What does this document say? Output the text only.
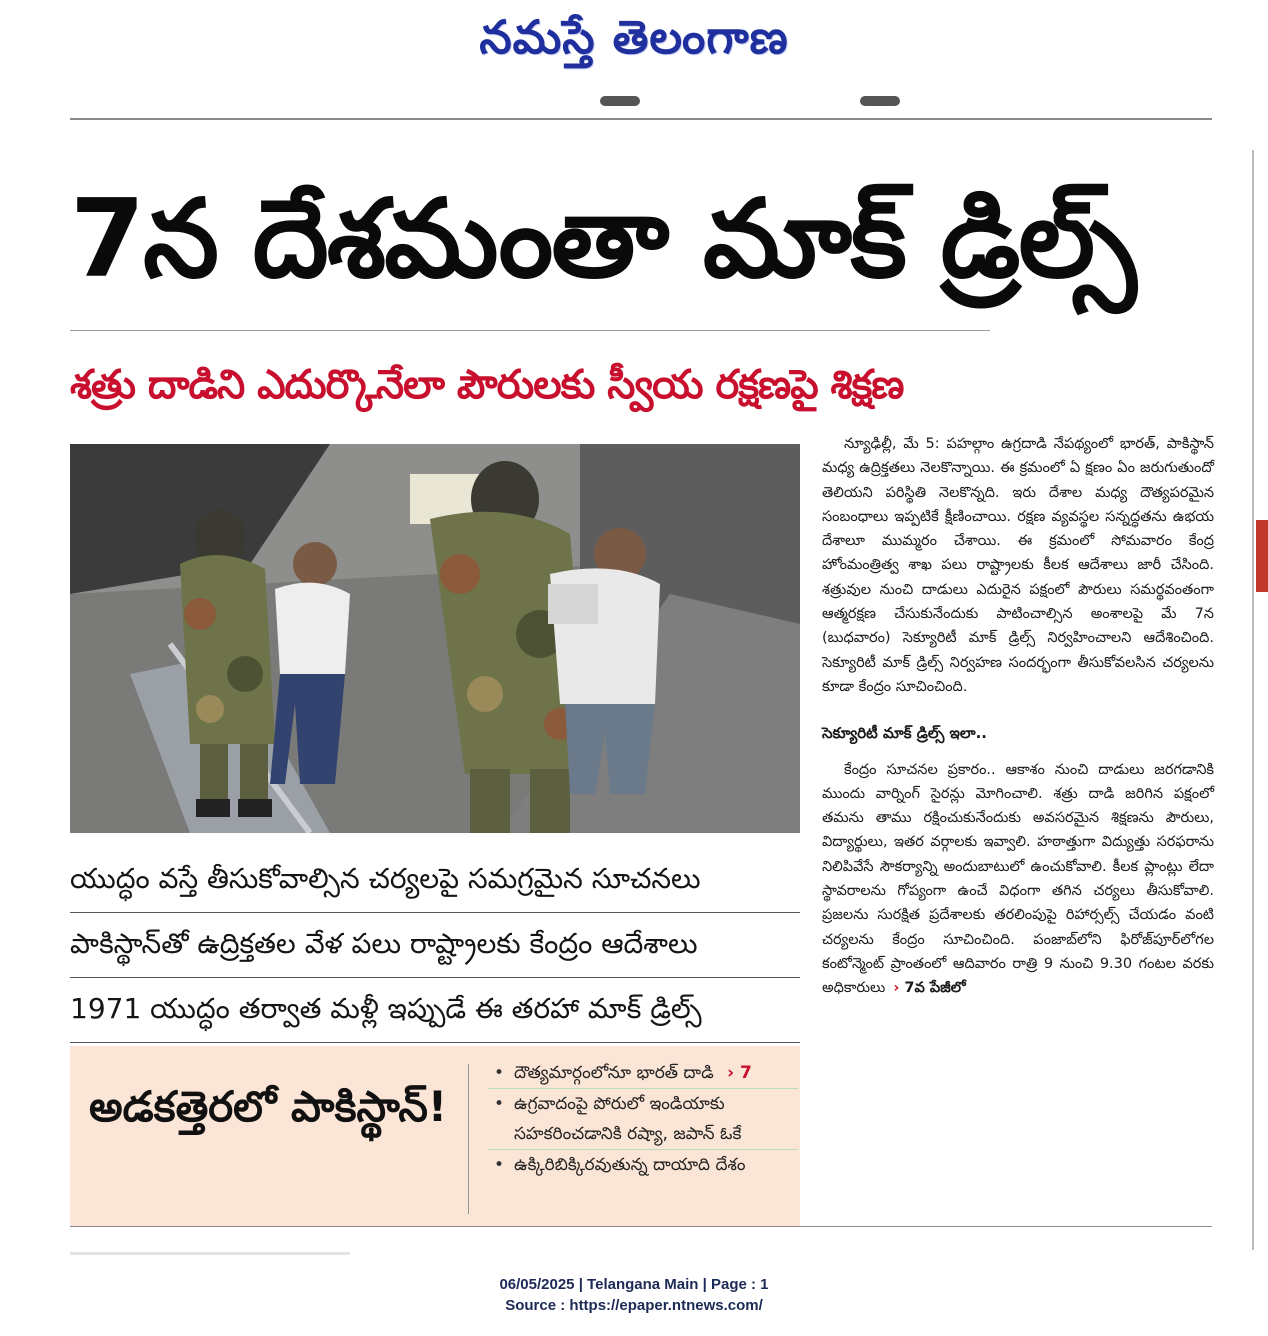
నమస్తే తెలంగాణ
7న దేశమంతా మాక్ డ్రిల్స్
శత్రు దాడిని ఎదుర్కొనేలా పౌరులకు స్వీయ రక్షణపై శిక్షణ
యుద్ధం వస్తే తీసుకోవాల్సిన చర్యలపై సమగ్రమైన సూచనలు
పాకిస్థాన్‌తో ఉద్రిక్తతల వేళ పలు రాష్ట్రాలకు కేంద్రం ఆదేశాలు
1971 యుద్ధం తర్వాత మళ్లీ ఇప్పుడే ఈ తరహా మాక్ డ్రిల్స్
అడకత్తెరలో పాకిస్థాన్!
• దౌత్యమార్గంలోనూ భారత్ దాడి › 7
• ఉగ్రవాదంపై పోరులో ఇండియాకు సహకరించడానికి రష్యా, జపాన్ ఓకే
• ఉక్కిరిబిక్కిరవుతున్న దాయాది దేశం

న్యూఢిల్లీ, మే 5: పహల్గాం ఉగ్రదాడి నేపథ్యంలో భారత్, పాకిస్థాన్ మధ్య ఉద్రిక్తతలు నెలకొన్నాయి. ఈ క్రమంలో ఏ క్షణం ఏం జరుగుతుందో తెలియని పరిస్థితి నెలకొన్నది. ఇరు దేశాల మధ్య దౌత్యపరమైన సంబంధాలు ఇప్పటికే క్షీణించాయి. రక్షణ వ్యవస్థల సన్నద్ధతను ఉభయ దేశాలూ ముమ్మరం చేశాయి. ఈ క్రమంలో సోమవారం కేంద్ర హోంమంత్రిత్వ శాఖ పలు రాష్ట్రాలకు కీలక ఆదేశాలు జారీ చేసింది. శత్రువుల నుంచి దాడులు ఎదురైన పక్షంలో పౌరులు సమర్థవంతంగా ఆత్మరక్షణ చేసుకునేందుకు పాటించాల్సిన అంశాలపై మే 7న (బుధవారం) సెక్యూరిటీ మాక్ డ్రిల్స్ నిర్వహించాలని ఆదేశించింది. సెక్యూరిటీ మాక్ డ్రిల్స్ నిర్వహణ సందర్భంగా తీసుకోవలసిన చర్యలను కూడా కేంద్రం సూచించింది.

సెక్యూరిటీ మాక్ డ్రిల్స్ ఇలా..

కేంద్రం సూచనల ప్రకారం.. ఆకాశం నుంచి దాడులు జరగడానికి ముందు వార్నింగ్ సైరన్లు మోగించాలి. శత్రు దాడి జరిగిన పక్షంలో తమను తాము రక్షించుకునేందుకు అవసరమైన శిక్షణను పౌరులు, విద్యార్థులు, ఇతర వర్గాలకు ఇవ్వాలి. హఠాత్తుగా విద్యుత్తు సరఫరాను నిలిపివేసే సౌకర్యాన్ని అందుబాటులో ఉంచుకోవాలి. కీలక ప్లాంట్లు లేదా స్థావరాలను గోప్యంగా ఉంచే విధంగా తగిన చర్యలు తీసుకోవాలి. ప్రజలను సురక్షిత ప్రదేశాలకు తరలింపుపై రిహార్సల్స్ చేయడం వంటి చర్యలను కేంద్రం సూచించింది. పంజాబ్‌లోని ఫిరోజ్‌పూర్‌లోగల కంటోన్మెంట్ ప్రాంతంలో ఆదివారం రాత్రి 9 నుంచి 9.30 గంటల వరకు అధికారులు › 7వ పేజీలో

06/05/2025 | Telangana Main | Page : 1
Source : https://epaper.ntnews.com/
